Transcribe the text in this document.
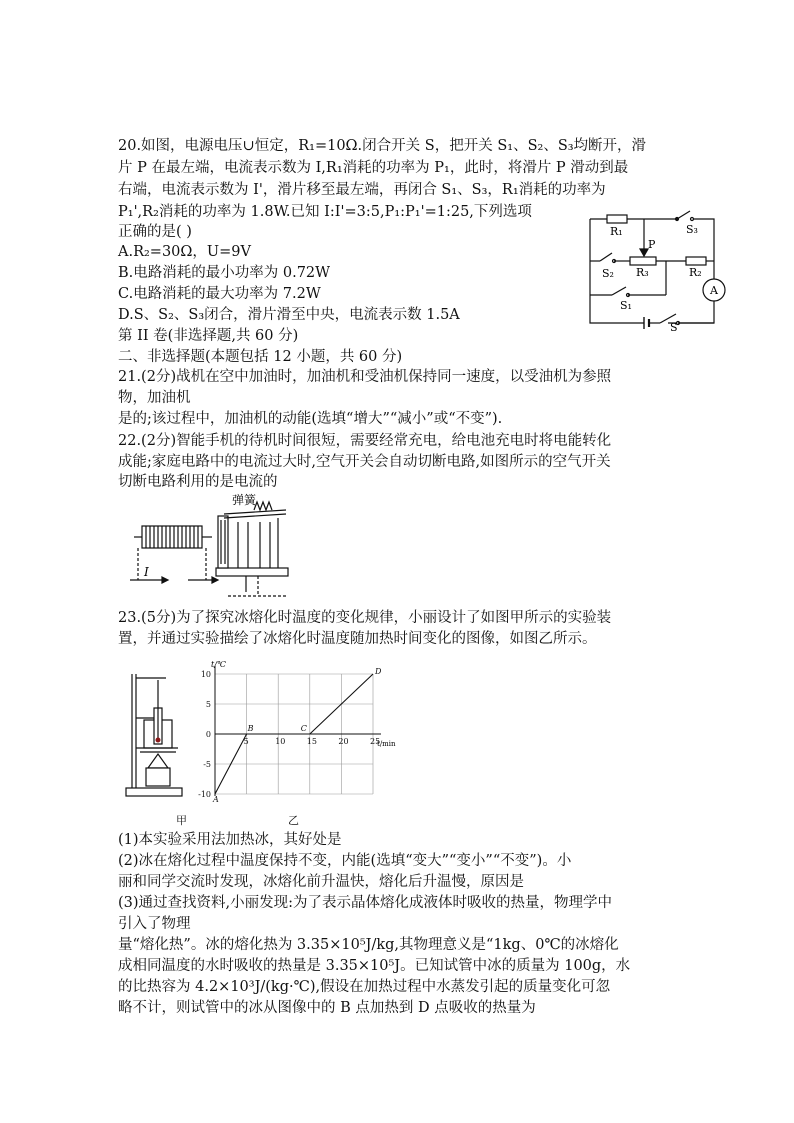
20.如图，电源电压∪恒定，R₁=10Ω.闭合开关 S，把开关 S₁、S₂、S₃均断开，滑
片 P 在最左端，电流表示数为 I,R₁消耗的功率为 P₁，此时，将滑片 P 滑动到最
右端，电流表示数为 I'，滑片移至最左端，再闭合 S₁、S₃，R₁消耗的功率为
P₁',R₂消耗的功率为 1.8W.已知 I:I'=3:5,P₁:P₁'=1:25,下列选项
正确的是( )
A.R₂=30Ω，U=9V
B.电路消耗的最小功率为 0.72W
C.电路消耗的最大功率为 7.2W
D.S、S₂、S₃闭合，滑片滑至中央，电流表示数 1.5A
R₁	S₃
P
S₂ R₃	R₂
A
S₁
S
第 II 卷(非选择题,共 60 分)
二、非选择题(本题包括 12 小题，共 60 分)
21.(2分)战机在空中加油时，加油机和受油机保持同一速度，以受油机为参照
物，加油机
是的;该过程中，加油机的动能(选填“增大”“减小”或“不变”).
22.(2分)智能手机的待机时间很短，需要经常充电，给电池充电时将电能转化
成能;家庭电路中的电流过大时,空气开关会自动切断电路,如图所示的空气开关
切断电路利用的是电流的
弹簧
I
23.(5分)为了探究冰熔化时温度的变化规律，小丽设计了如图甲所示的实验装
置，并通过实验描绘了冰熔化时温度随加热时间变化的图像，如图乙所示。
5	10	15	20	25
10
5
0
-5
-10
A
B	C
D
t/℃
t/min
甲	乙
(1)本实验采用法加热冰，其好处是
(2)冰在熔化过程中温度保持不变，内能(选填“变大”“变小”“不变”)。小
丽和同学交流时发现，冰熔化前升温快，熔化后升温慢，原因是
(3)通过查找资料,小丽发现:为了表示晶体熔化成液体时吸收的热量，物理学中
引入了物理
量“熔化热”。冰的熔化热为 3.35×10⁵J/kg,其物理意义是“1kg、0℃的冰熔化
成相同温度的水时吸收的热量是 3.35×10⁵J。已知试管中冰的质量为 100g，水
的比热容为 4.2×10³J/(kg·℃),假设在加热过程中水蒸发引起的质量变化可忽
略不计，则试管中的冰从图像中的 B 点加热到 D 点吸收的热量为
